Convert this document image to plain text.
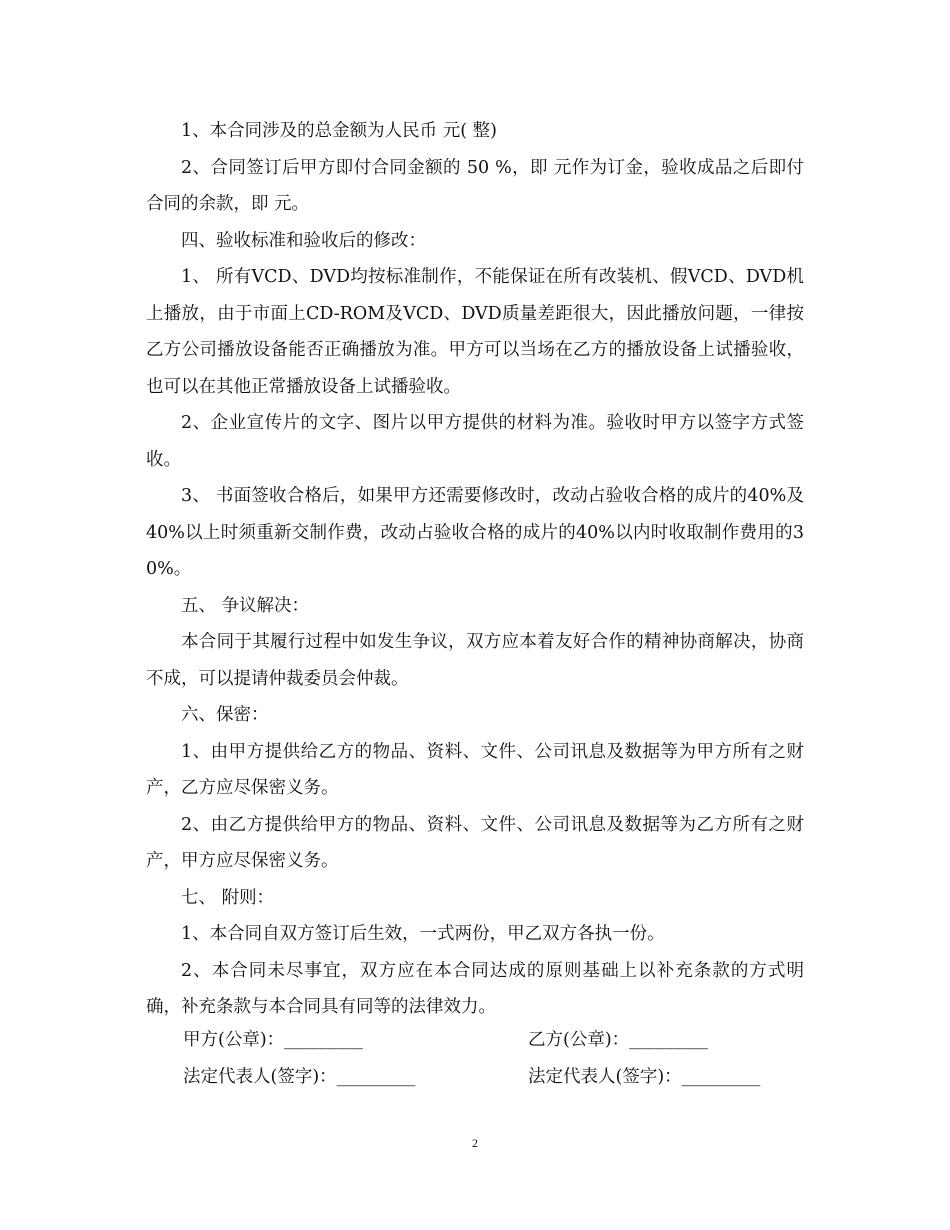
1、本合同涉及的总金额为人民币 元( 整)

2、合同签订后甲方即付合同金额的 50 %，即 元作为订金，验收成品之后即付合同的余款，即 元。

四、验收标准和验收后的修改：

1、 所有VCD、DVD均按标准制作，不能保证在所有改装机、假VCD、DVD机上播放，由于市面上CD-ROM及VCD、DVD质量差距很大，因此播放问题，一律按乙方公司播放设备能否正确播放为准。甲方可以当场在乙方的播放设备上试播验收，也可以在其他正常播放设备上试播验收。

2、企业宣传片的文字、图片以甲方提供的材料为准。验收时甲方以签字方式签收。

3、 书面签收合格后，如果甲方还需要修改时，改动占验收合格的成片的40%及40%以上时须重新交制作费，改动占验收合格的成片的40%以内时收取制作费用的30%。

五、 争议解决：

本合同于其履行过程中如发生争议，双方应本着友好合作的精神协商解决，协商不成，可以提请仲裁委员会仲裁。

六、保密：

1、由甲方提供给乙方的物品、资料、文件、公司讯息及数据等为甲方所有之财产，乙方应尽保密义务。

2、由乙方提供给甲方的物品、资料、文件、公司讯息及数据等为乙方所有之财产，甲方应尽保密义务。

七、 附则：

1、本合同自双方签订后生效，一式两份，甲乙双方各执一份。

2、本合同未尽事宜，双方应在本合同达成的原则基础上以补充条款的方式明确，补充条款与本合同具有同等的法律效力。

甲方(公章)：_________	乙方(公章)：_________
法定代表人(签字)：_________	法定代表人(签字)：_________
2
